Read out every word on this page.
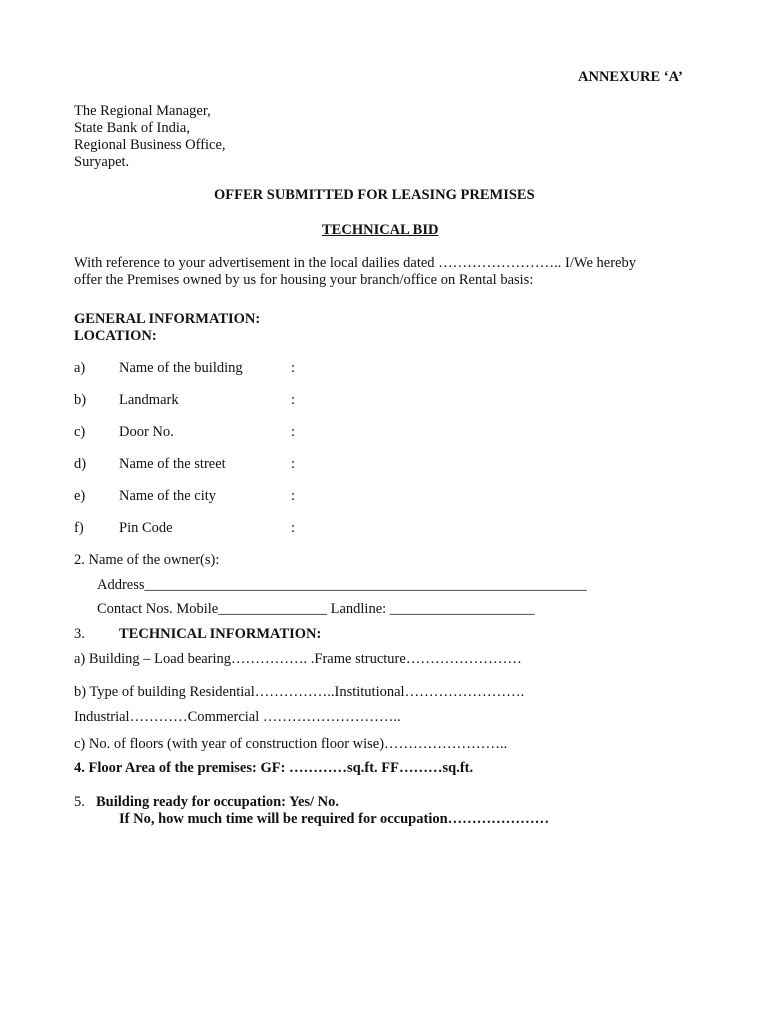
ANNEXURE ‘A’
The Regional Manager,
State Bank of India,
Regional Business Office,
Suryapet.
OFFER SUBMITTED FOR LEASING PREMISES
TECHNICAL BID
With reference to your advertisement in the local dailies dated …………………….. I/We hereby
offer the Premises owned by us for housing your branch/office on Rental basis:
GENERAL INFORMATION:
LOCATION:
a) Name of the building	:
b) Landmark	:
c) Door No.	:
d) Name of the street	:
e) Name of the city	:
f) Pin Code	:
2. Name of the owner(s):
Address_____________________________________________________________
Contact Nos. Mobile_______________ Landline: ____________________
3. TECHNICAL INFORMATION:
a) Building – Load bearing……………. .Frame structure……………………
b) Type of building Residential……………..Institutional…………………….
Industrial…………Commercial ………………………..
c) No. of floors (with year of construction floor wise)……………………..
4. Floor Area of the premises: GF: …………sq.ft. FF………sq.ft.
5. Building ready for occupation: Yes/ No.
If No, how much time will be required for occupation…………………
